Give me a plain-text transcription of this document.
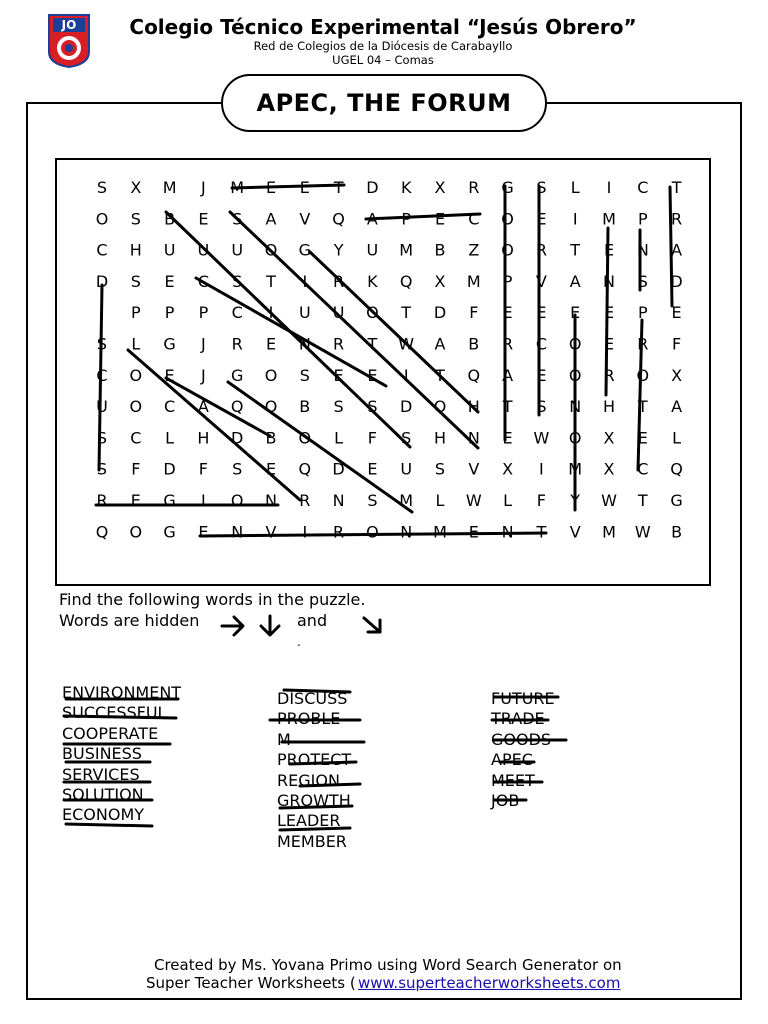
JO	Colegio Técnico Experimental “Jesús Obrero”
Red de Colegios de la Diócesis de Carabayllo
UGEL 04 – Comas
APEC, THE FORUM
S X M J M E E T D K X R G S L I C T
O S B E S A V Q A P E C O E I M P R
C H U U U O G Y U M B Z O R T E N A
D S E C S T I R K Q X M P V A N S D
I P P P C I U U O T D F E E E E P E
S L G J R E N R T W A B R C O E R F
C O E J G O S E E I T Q A E O R O X
U O C A Q O B S S D O H T S N H T A
S C L H D B O L F S H N E W O X E L
S F D F S E Q D E U S V X I M X C Q
R E G I O N R N S M L W L F Y W T G
Q O G E N V I R O N M E N T V M W B
Find the following words in the puzzle.
Words are hidden	and
.
ENVIRONMENT
SUCCESSFUL
COOPERATE
BUSINESS
SERVICES
SOLUTION
ECONOMY
DISCUSS
PROBLE
M
PROTECT
REGION
GROWTH
LEADER
MEMBER
FUTURE
TRADE
GOODS
APEC
MEET
JOB
Created by Ms. Yovana Primo using Word Search Generator on
Super Teacher Worksheets ( www.superteacherworksheets.com
